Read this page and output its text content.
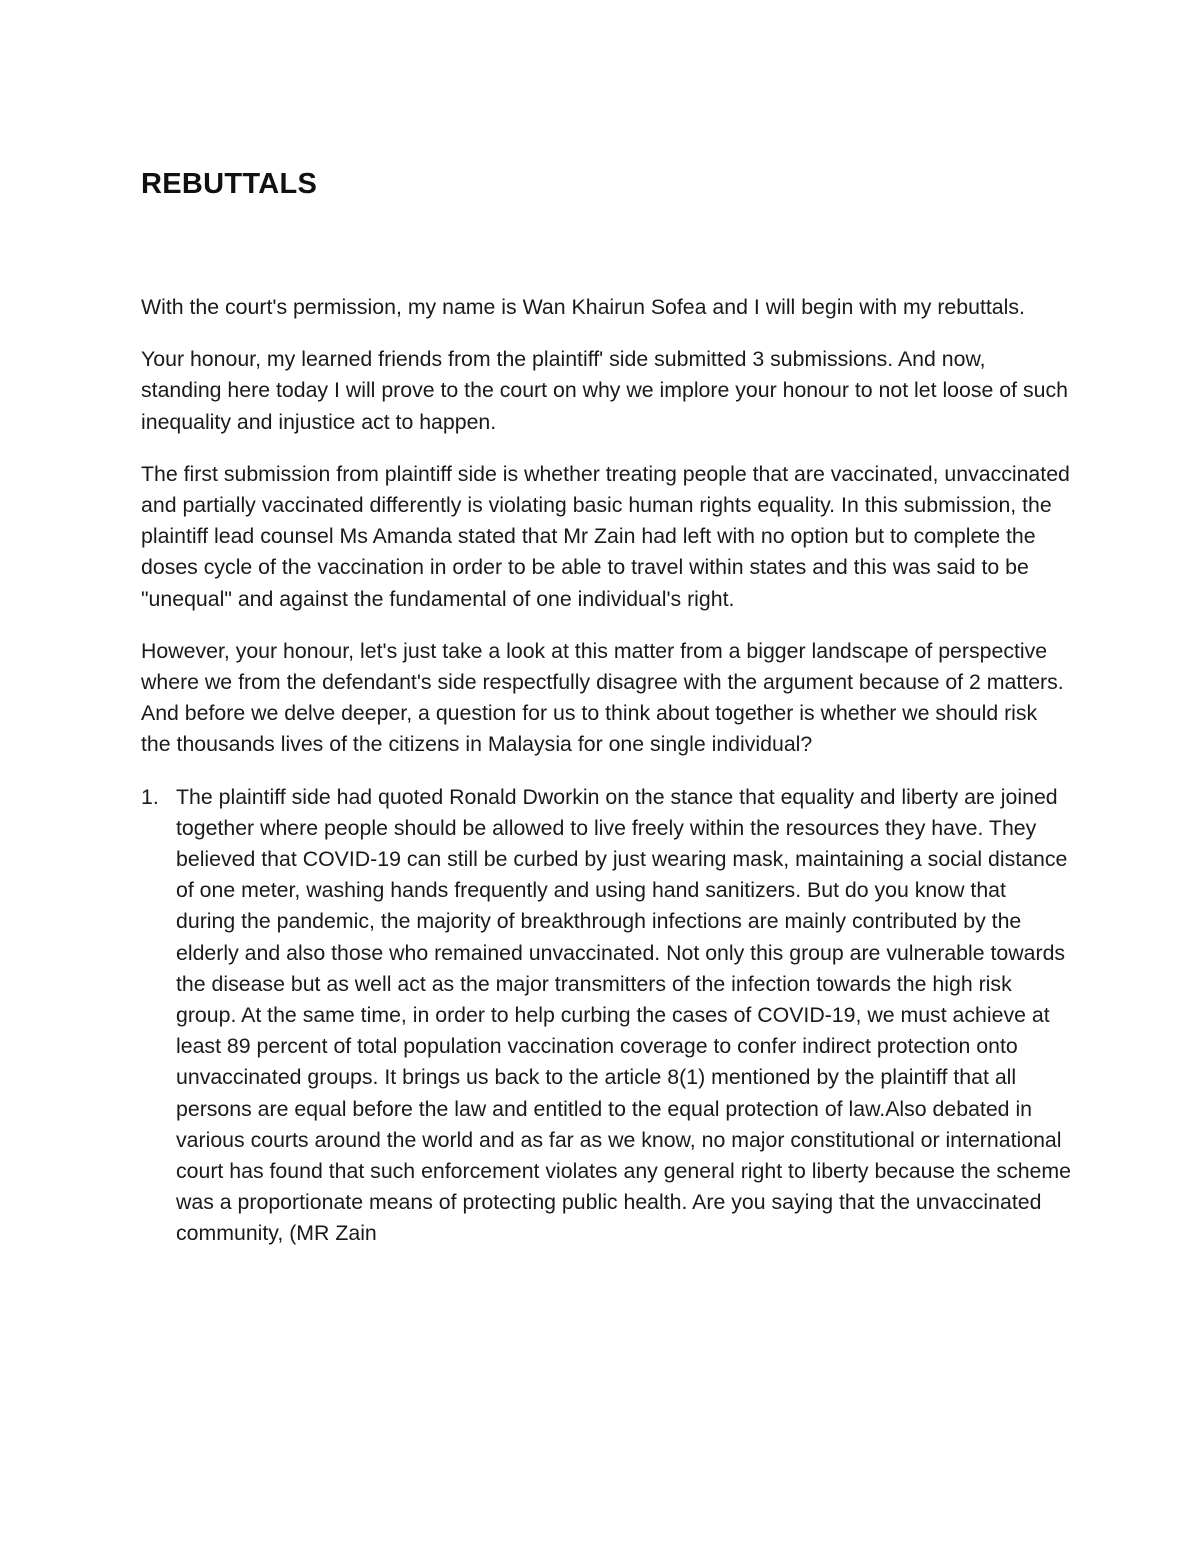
REBUTTALS

With the court's permission, my name is Wan Khairun Sofea and I will begin with my rebuttals.

Your honour, my learned friends from the plaintiff' side submitted 3 submissions. And now, standing here today I will prove to the court on why we implore your honour to not let loose of such inequality and injustice act to happen.

The first submission from plaintiff side is whether treating people that are vaccinated, unvaccinated and partially vaccinated differently is violating basic human rights equality. In this submission, the plaintiff lead counsel Ms Amanda stated that Mr Zain had left with no option but to complete the doses cycle of the vaccination in order to be able to travel within states and this was said to be "unequal" and against the fundamental of one individual's right.

However, your honour, let's just take a look at this matter from a bigger landscape of perspective where we from the defendant's side respectfully disagree with the argument because of 2 matters. And before we delve deeper, a question for us to think about together is whether we should risk the thousands lives of the citizens in Malaysia for one single individual?

1. The plaintiff side had quoted Ronald Dworkin on the stance that equality and liberty are joined together where people should be allowed to live freely within the resources they have. They believed that COVID-19 can still be curbed by just wearing mask, maintaining a social distance of one meter, washing hands frequently and using hand sanitizers. But do you know that during the pandemic, the majority of breakthrough infections are mainly contributed by the elderly and also those who remained unvaccinated. Not only this group are vulnerable towards the disease but as well act as the major transmitters of the infection towards the high risk group. At the same time, in order to help curbing the cases of COVID-19, we must achieve at least 89 percent of total population vaccination coverage to confer indirect protection onto unvaccinated groups. It brings us back to the article 8(1) mentioned by the plaintiff that all persons are equal before the law and entitled to the equal protection of law.Also debated in various courts around the world and as far as we know, no major constitutional or international court has found that such enforcement violates any general right to liberty because the scheme was a proportionate means of protecting public health. Are you saying that the unvaccinated community, (MR Zain
